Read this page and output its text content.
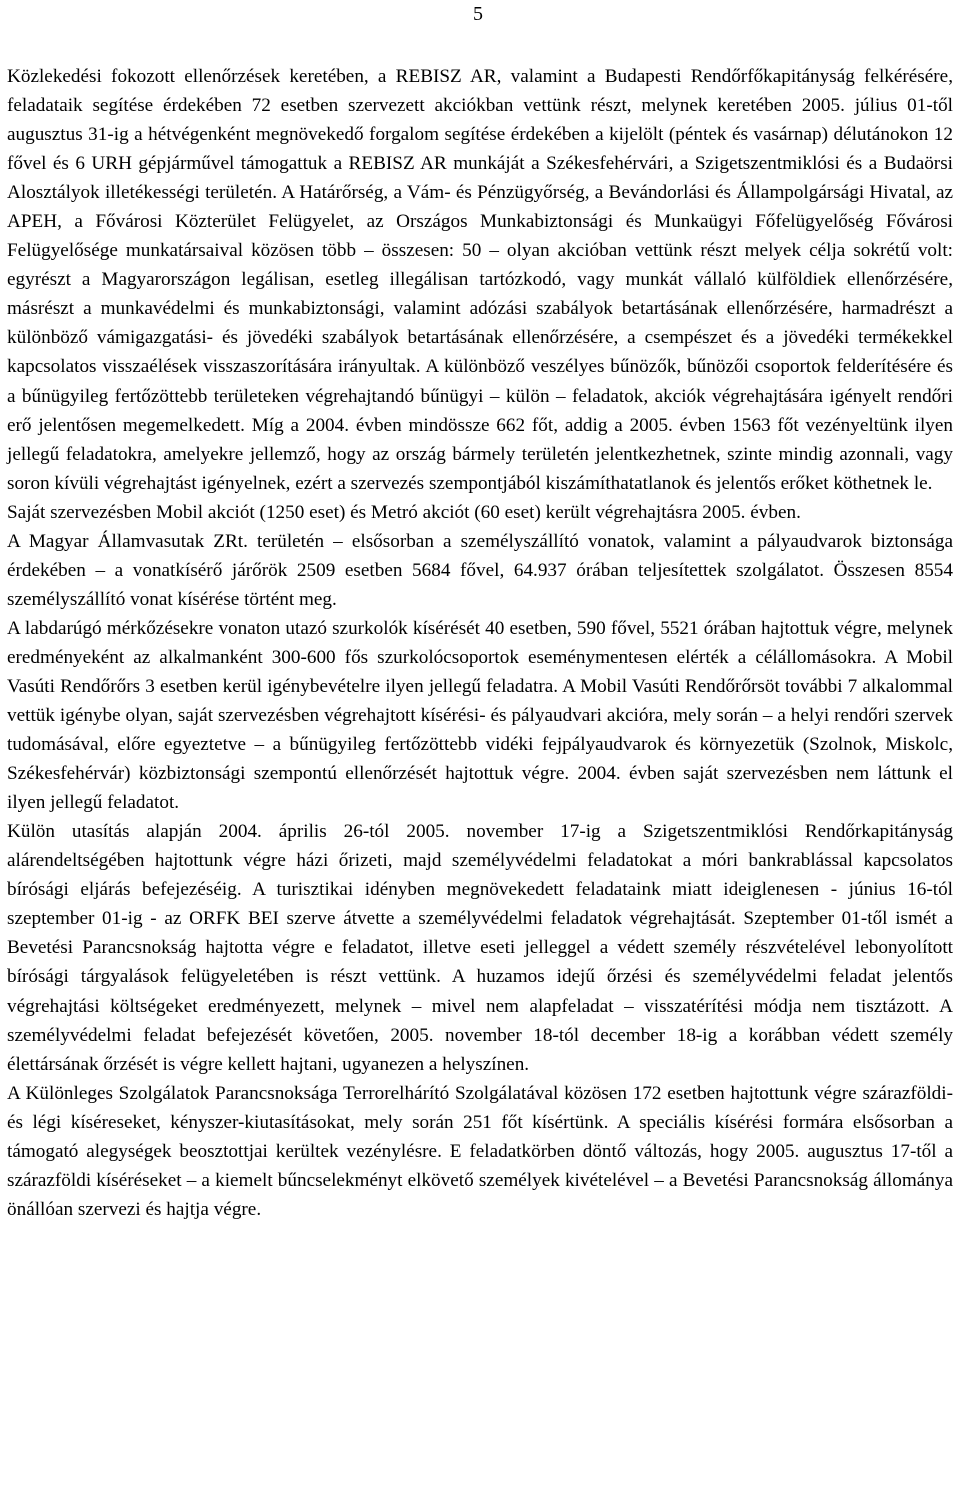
5

Közlekedési fokozott ellenőrzések keretében, a REBISZ AR, valamint a Budapesti Rendőrfőkapitányság felkérésére, feladataik segítése érdekében 72 esetben szervezett akciókban vettünk részt, melynek keretében 2005. július 01-től augusztus 31-ig a hétvégenként megnövekedő forgalom segítése érdekében a kijelölt (péntek és vasárnap) délutánokon 12 fővel és 6 URH gépjárművel támogattuk a REBISZ AR munkáját a Székesfehérvári, a Szigetszentmiklósi és a Budaörsi Alosztályok illetékességi területén. A Határőrség, a Vám- és Pénzügyőrség, a Bevándorlási és Állampolgársági Hivatal, az APEH, a Fővárosi Közterület Felügyelet, az Országos Munkabiztonsági és Munkaügyi Főfelügyelőség Fővárosi Felügyelősége munkatársaival közösen több – összesen: 50 – olyan akcióban vettünk részt melyek célja sokrétű volt: egyrészt a Magyarországon legálisan, esetleg illegálisan tartózkodó, vagy munkát vállaló külföldiek ellenőrzésére, másrészt a munkavédelmi és munkabiztonsági, valamint adózási szabályok betartásának ellenőrzésére, harmadrészt a különböző vámigazgatási- és jövedéki szabályok betartásának ellenőrzésére, a csempészet és a jövedéki termékekkel kapcsolatos visszaélések visszaszorítására irányultak. A különböző veszélyes bűnözők, bűnözői csoportok felderítésére és a bűnügyileg fertőzöttebb területeken végrehajtandó bűnügyi – külön – feladatok, akciók végrehajtására igényelt rendőri erő jelentősen megemelkedett. Míg a 2004. évben mindössze 662 főt, addig a 2005. évben 1563 főt vezényeltünk ilyen jellegű feladatokra, amelyekre jellemző, hogy az ország bármely területén jelentkezhetnek, szinte mindig azonnali, vagy soron kívüli végrehajtást igényelnek, ezért a szervezés szempontjából kiszámíthatatlanok és jelentős erőket köthetnek le.

Saját szervezésben Mobil akciót (1250 eset) és Metró akciót (60 eset) került végrehajtásra 2005. évben.

A Magyar Államvasutak ZRt. területén – elsősorban a személyszállító vonatok, valamint a pályaudvarok biztonsága érdekében – a vonatkísérő járőrök 2509 esetben 5684 fővel, 64.937 órában teljesítettek szolgálatot. Összesen 8554 személyszállító vonat kísérése történt meg.

A labdarúgó mérkőzésekre vonaton utazó szurkolók kísérését 40 esetben, 590 fővel, 5521 órában hajtottuk végre, melynek eredményeként az alkalmanként 300-600 fős szurkolócsoportok eseménymentesen elérték a célállomásokra. A Mobil Vasúti Rendőrőrs 3 esetben kerül igénybevételre ilyen jellegű feladatra. A Mobil Vasúti Rendőrőrsöt további 7 alkalommal vettük igénybe olyan, saját szervezésben végrehajtott kísérési- és pályaudvari akcióra, mely során – a helyi rendőri szervek tudomásával, előre egyeztetve – a bűnügyileg fertőzöttebb vidéki fejpályaudvarok és környezetük (Szolnok, Miskolc, Székesfehérvár) közbiztonsági szempontú ellenőrzését hajtottuk végre. 2004. évben saját szervezésben nem láttunk el ilyen jellegű feladatot.

Külön utasítás alapján 2004. április 26-tól 2005. november 17-ig a Szigetszentmiklósi Rendőrkapitányság alárendeltségében hajtottunk végre házi őrizeti, majd személyvédelmi feladatokat a móri bankrablással kapcsolatos bírósági eljárás befejezéséig. A turisztikai idényben megnövekedett feladataink miatt ideiglenesen - június 16-tól szeptember 01-ig - az ORFK BEI szerve átvette a személyvédelmi feladatok végrehajtását. Szeptember 01-től ismét a Bevetési Parancsnokság hajtotta végre e feladatot, illetve eseti jelleggel a védett személy részvételével lebonyolított bírósági tárgyalások felügyeletében is részt vettünk. A huzamos idejű őrzési és személyvédelmi feladat jelentős végrehajtási költségeket eredményezett, melynek – mivel nem alapfeladat – visszatérítési módja nem tisztázott. A személyvédelmi feladat befejezését követően, 2005. november 18-tól december 18-ig a korábban védett személy élettársának őrzését is végre kellett hajtani, ugyanezen a helyszínen.

A Különleges Szolgálatok Parancsnoksága Terrorelhárító Szolgálatával közösen 172 esetben hajtottunk végre szárazföldi- és légi kíséreseket, kényszer-kiutasításokat, mely során 251 főt kísértünk. A speciális kísérési formára elsősorban a támogató alegységek beosztottjai kerültek vezénylésre. E feladatkörben döntő változás, hogy 2005. augusztus 17-től a szárazföldi kíséréseket – a kiemelt bűncselekményt elkövető személyek kivételével – a Bevetési Parancsnokság állománya önállóan szervezi és hajtja végre.
